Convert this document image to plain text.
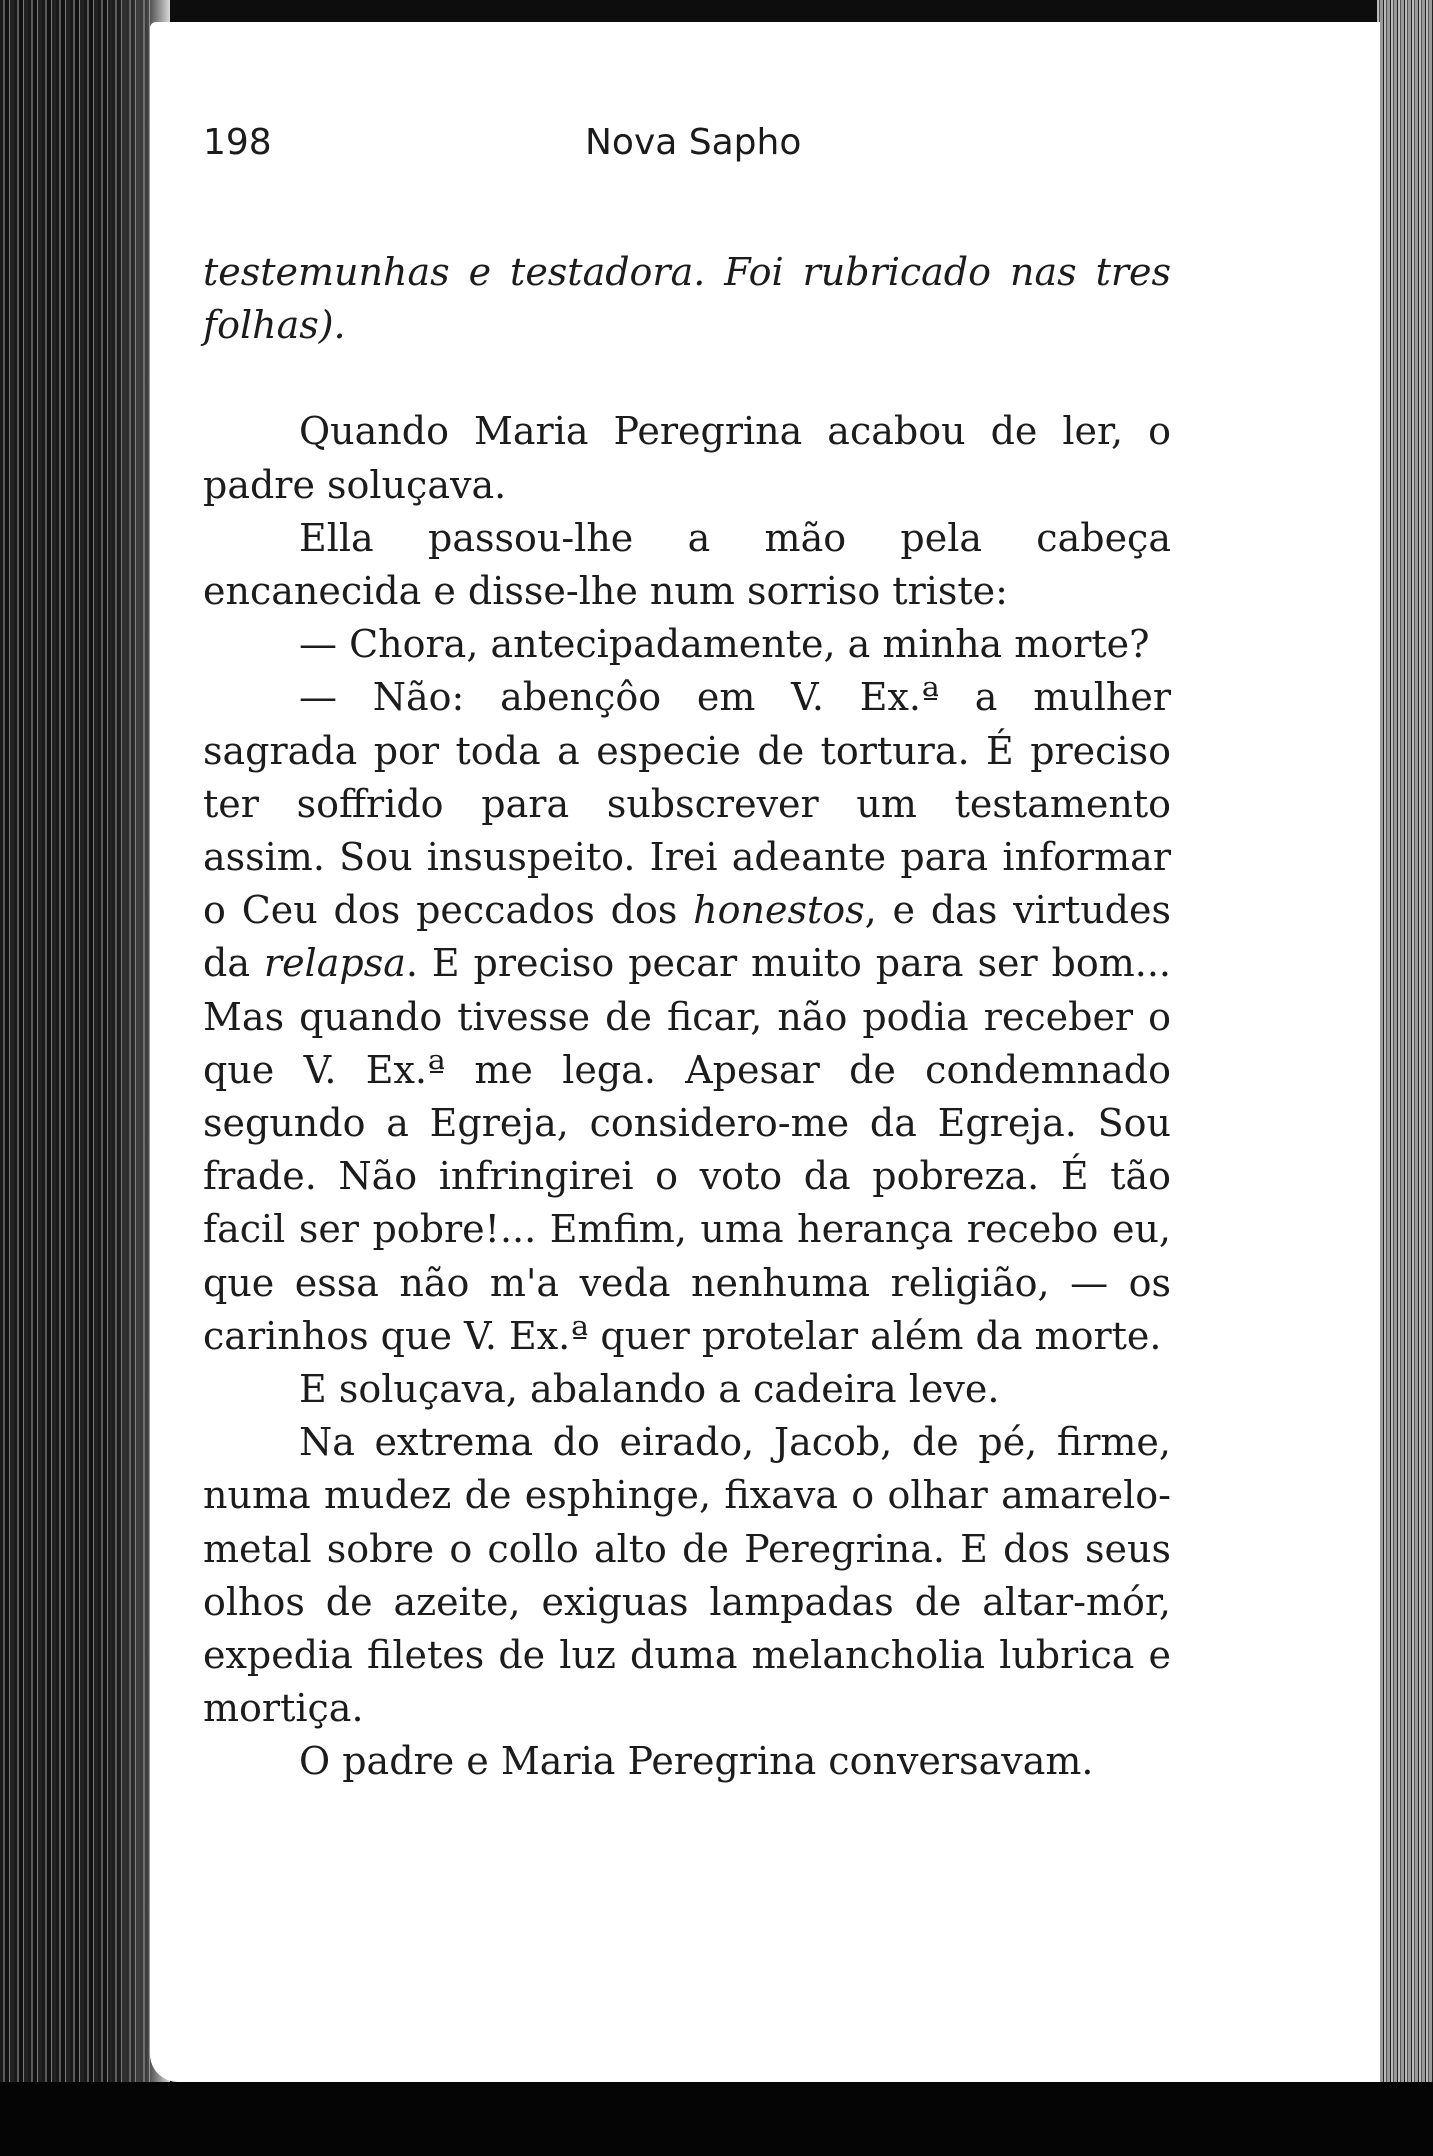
198	Nova Sapho

testemunhas e testadora. Foi rubricado nas tres folhas).

Quando Maria Peregrina acabou de ler, o padre soluçava.

Ella passou-lhe a mão pela cabeça encanecida e disse-lhe num sorriso triste:

— Chora, antecipadamente, a minha morte?

— Não: abençôo em V. Ex.ª a mulher sagrada por toda a especie de tortura. É preciso ter soffrido para subscrever um testamento assim. Sou insuspeito. Irei adeante para informar o Ceu dos peccados dos honestos, e das virtudes da relapsa. E preciso pecar muito para ser bom... Mas quando tivesse de ficar, não podia receber o que V. Ex.ª me lega. Apesar de condemnado segundo a Egreja, considero-me da Egreja. Sou frade. Não infringirei o voto da pobreza. É tão facil ser pobre!... Emfim, uma herança recebo eu, que essa não m'a veda nenhuma religião, — os carinhos que V. Ex.ª quer protelar além da morte.

E soluçava, abalando a cadeira leve.

Na extrema do eirado, Jacob, de pé, firme, numa mudez de esphinge, fixava o olhar amarelo-metal sobre o collo alto de Peregrina. E dos seus olhos de azeite, exiguas lampadas de altar-mór, expedia filetes de luz duma melancholia lubrica e mortiça.

O padre e Maria Peregrina conversavam.
